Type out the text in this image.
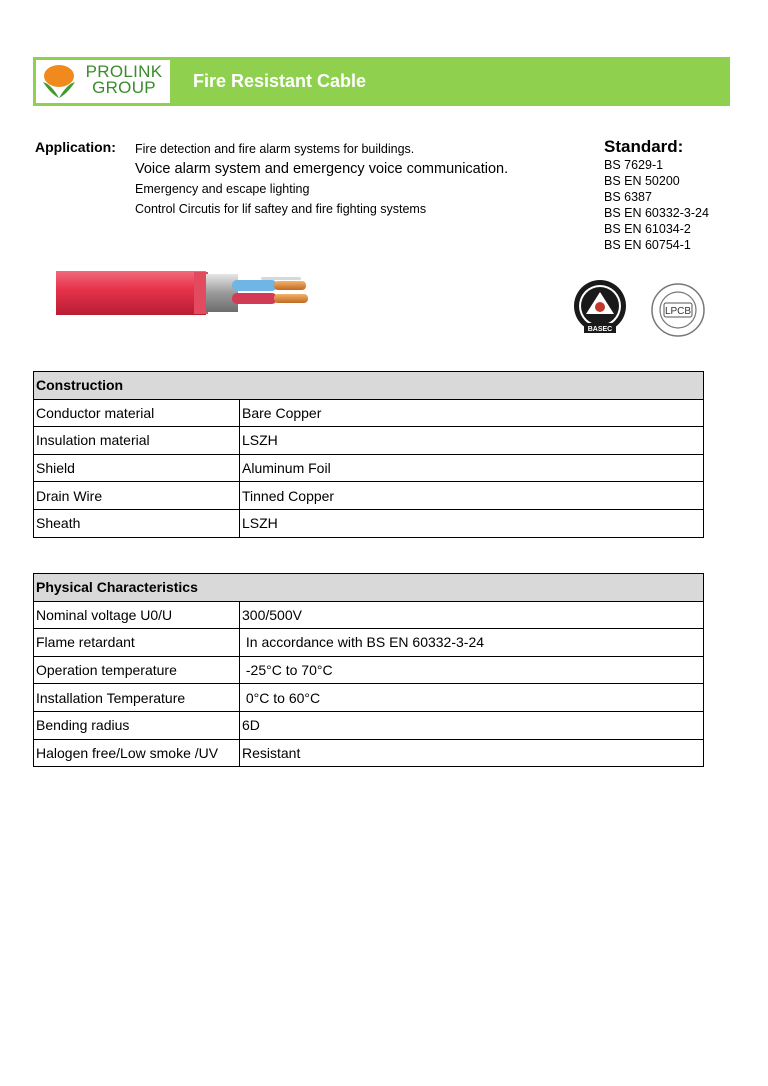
PROLINK
GROUP	Fire Resistant Cable
Application: Fire detection and fire alarm systems for buildings.
Voice alarm system and emergency voice communication.
Emergency and escape lighting
Control Circutis for lif saftey and fire fighting systems
Standard:
BS 7629-1
BS EN 50200
BS 6387
BS EN 60332-3-24
BS EN 61034-2
BS EN 60754-1
BASEC
LPCB
Construction	
Conductor material	Bare Copper
Insulation material	LSZH
Shield	Aluminum Foil
Drain Wire	Tinned Copper
Sheath	LSZH
Physical Characteristics	
Nominal voltage U0/U	300/500V
Flame retardant	In accordance with BS EN 60332-3-24
Operation temperature	-25°C to 70°C
Installation Temperature	0°C to 60°C
Bending radius	6D
Halogen free/Low smoke /UV	Resistant
